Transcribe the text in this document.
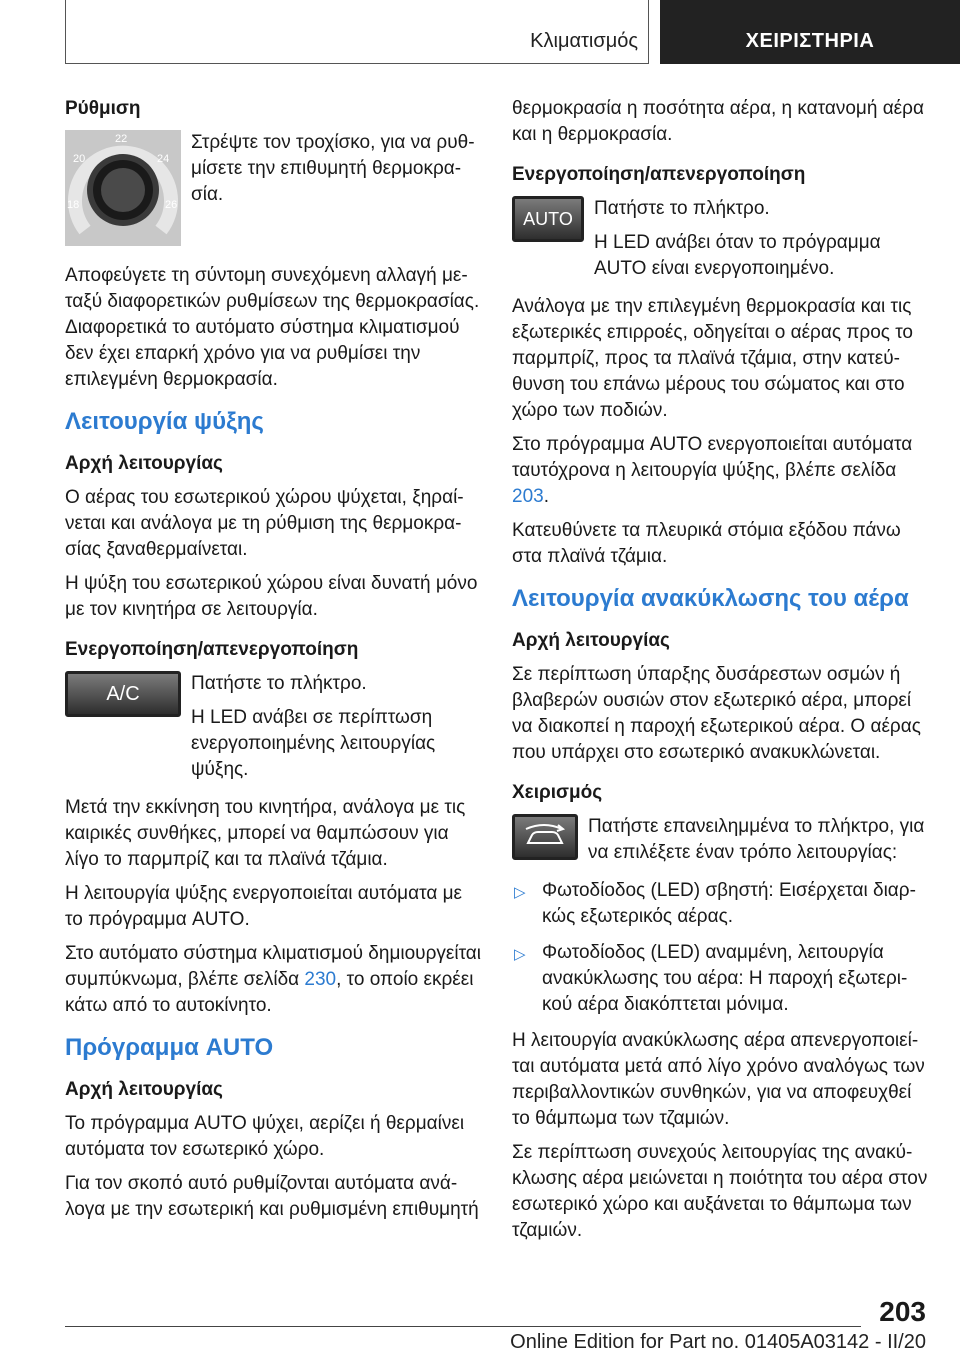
Κλιματισμός	ΧΕΙΡΙΣΤΗΡΙΑ

Ρύθμιση

22
20	24
18	26

Στρέψτε τον τροχίσκο, για να ρυθμίσετε την επιθυμητή θερμοκρασία.

Αποφεύγετε τη σύντομη συνεχόμενη αλλαγή μεταξύ διαφορετικών ρυθμίσεων της θερμοκρασίας. Διαφορετικά το αυτόματο σύστημα κλιματισμού δεν έχει επαρκή χρόνο για να ρυθμίσει την επιλεγμένη θερμοκρασία.

Λειτουργία ψύξης

Αρχή λειτουργίας

Ο αέρας του εσωτερικού χώρου ψύχεται, ξηραίνεται και ανάλογα με τη ρύθμιση της θερμοκρασίας ξαναθερμαίνεται.

Η ψύξη του εσωτερικού χώρου είναι δυνατή μόνο με τον κινητήρα σε λειτουργία.

Ενεργοποίηση/απενεργοποίηση

A/C	Πατήστε το πλήκτρο.

Η LED ανάβει σε περίπτωση ενεργοποιημένης λειτουργίας ψύξης.

Μετά την εκκίνηση του κινητήρα, ανάλογα με τις καιρικές συνθήκες, μπορεί να θαμπώσουν για λίγο το παρμπρίζ και τα πλαϊνά τζάμια.

Η λειτουργία ψύξης ενεργοποιείται αυτόματα με το πρόγραμμα AUTO.

Στο αυτόματο σύστημα κλιματισμού δημιουργείται συμπύκνωμα, βλέπε σελίδα 230, το οποίο εκρέει κάτω από το αυτοκίνητο.

Πρόγραμμα AUTO

Αρχή λειτουργίας

Το πρόγραμμα AUTO ψύχει, αερίζει ή θερμαίνει αυτόματα τον εσωτερικό χώρο.

Για τον σκοπό αυτό ρυθμίζονται αυτόματα ανάλογα με την εσωτερική και ρυθμισμένη επιθυμητή

θερμοκρασία η ποσότητα αέρα, η κατανομή αέρα και η θερμοκρασία.

Ενεργοποίηση/απενεργοποίηση

AUTO	Πατήστε το πλήκτρο.

Η LED ανάβει όταν το πρόγραμμα AUTO είναι ενεργοποιημένο.

Ανάλογα με την επιλεγμένη θερμοκρασία και τις εξωτερικές επιρροές, οδηγείται ο αέρας προς το παρμπρίζ, προς τα πλαϊνά τζάμια, στην κατεύθυνση του επάνω μέρους του σώματος και στο χώρο των ποδιών.

Στο πρόγραμμα AUTO ενεργοποιείται αυτόματα ταυτόχρονα η λειτουργία ψύξης, βλέπε σελίδα 203.

Κατευθύνετε τα πλευρικά στόμια εξόδου πάνω στα πλαϊνά τζάμια.

Λειτουργία ανακύκλωσης του αέρα

Αρχή λειτουργίας

Σε περίπτωση ύπαρξης δυσάρεστων οσμών ή βλαβερών ουσιών στον εξωτερικό αέρα, μπορεί να διακοπεί η παροχή εξωτερικού αέρα. Ο αέρας που υπάρχει στο εσωτερικό ανακυκλώνεται.

Χειρισμός

Πατήστε επανειλημμένα το πλήκτρο, για να επιλέξετε έναν τρόπο λειτουργίας:

▷ Φωτοδίοδος (LED) σβηστή: Εισέρχεται διαρκώς εξωτερικός αέρας.
▷ Φωτοδίοδος (LED) αναμμένη, λειτουργία ανακύκλωσης του αέρα: Η παροχή εξωτερικού αέρα διακόπτεται μόνιμα.

Η λειτουργία ανακύκλωσης αέρα απενεργοποιείται αυτόματα μετά από λίγο χρόνο αναλόγως των περιβαλλοντικών συνθηκών, για να αποφευχθεί το θάμπωμα των τζαμιών.

Σε περίπτωση συνεχούς λειτουργίας της ανακύκλωσης αέρα μειώνεται η ποιότητα του αέρα στον εσωτερικό χώρο και αυξάνεται το θάμπωμα των τζαμιών.

203
Online Edition for Part no. 01405A03142 - II/20
